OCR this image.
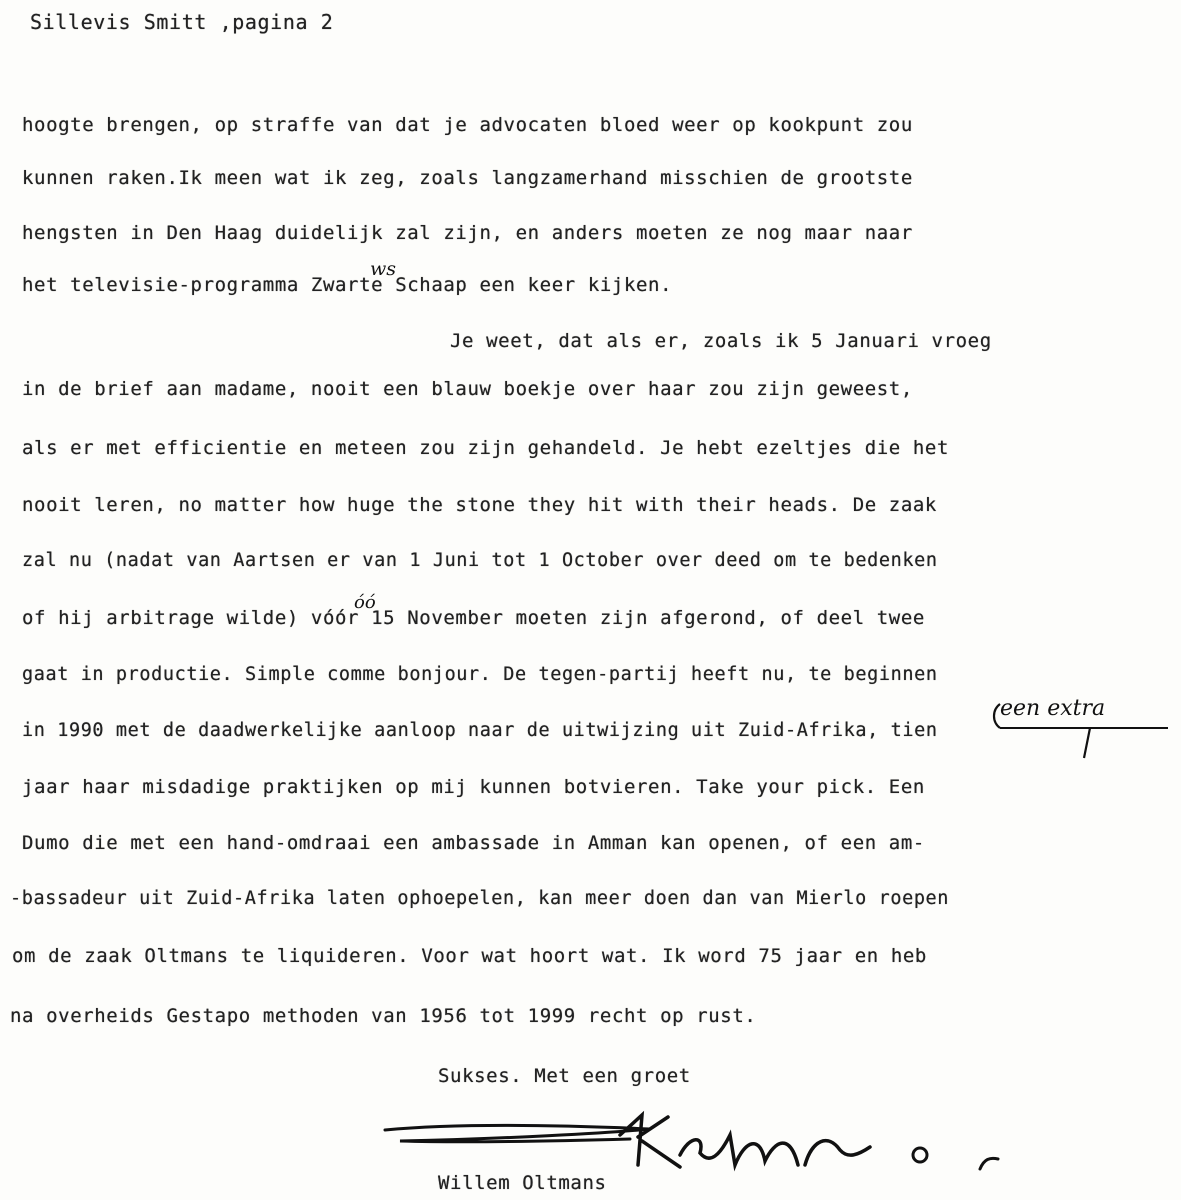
Sillevis Smitt ,pagina 2
hoogte brengen, op straffe van dat je advocaten bloed weer op kookpunt zou
kunnen raken.Ik meen wat ik zeg, zoals langzamerhand misschien de grootste
hengsten in Den Haag duidelijk zal zijn, en anders moeten ze nog maar naar
het televisie-programma Zwarte Schaap een keer kijken.
Je weet, dat als er, zoals ik 5 Januari vroeg
in de brief aan madame, nooit een blauw boekje over haar zou zijn geweest,
als er met efficientie en meteen zou zijn gehandeld. Je hebt ezeltjes die het
nooit leren, no matter how huge the stone they hit with their heads. De zaak
zal nu (nadat van Aartsen er van 1 Juni tot 1 October over deed om te bedenken
of hij arbitrage wilde) vóór 15 November moeten zijn afgerond, of deel twee
gaat in productie. Simple comme bonjour. De tegen-partij heeft nu, te beginnen
in 1990 met de daadwerkelijke aanloop naar de uitwijzing uit Zuid-Afrika, tien
jaar haar misdadige praktijken op mij kunnen botvieren. Take your pick. Een
Dumo die met een hand-omdraai een ambassade in Amman kan openen, of een am-
-bassadeur uit Zuid-Afrika laten ophoepelen, kan meer doen dan van Mierlo roepen
om de zaak Oltmans te liquideren. Voor wat hoort wat. Ik word 75 jaar en heb
na overheids Gestapo methoden van 1956 tot 1999 recht op rust.
Sukses. Met een groet
Willem Oltmans
ws
óó
een extra
